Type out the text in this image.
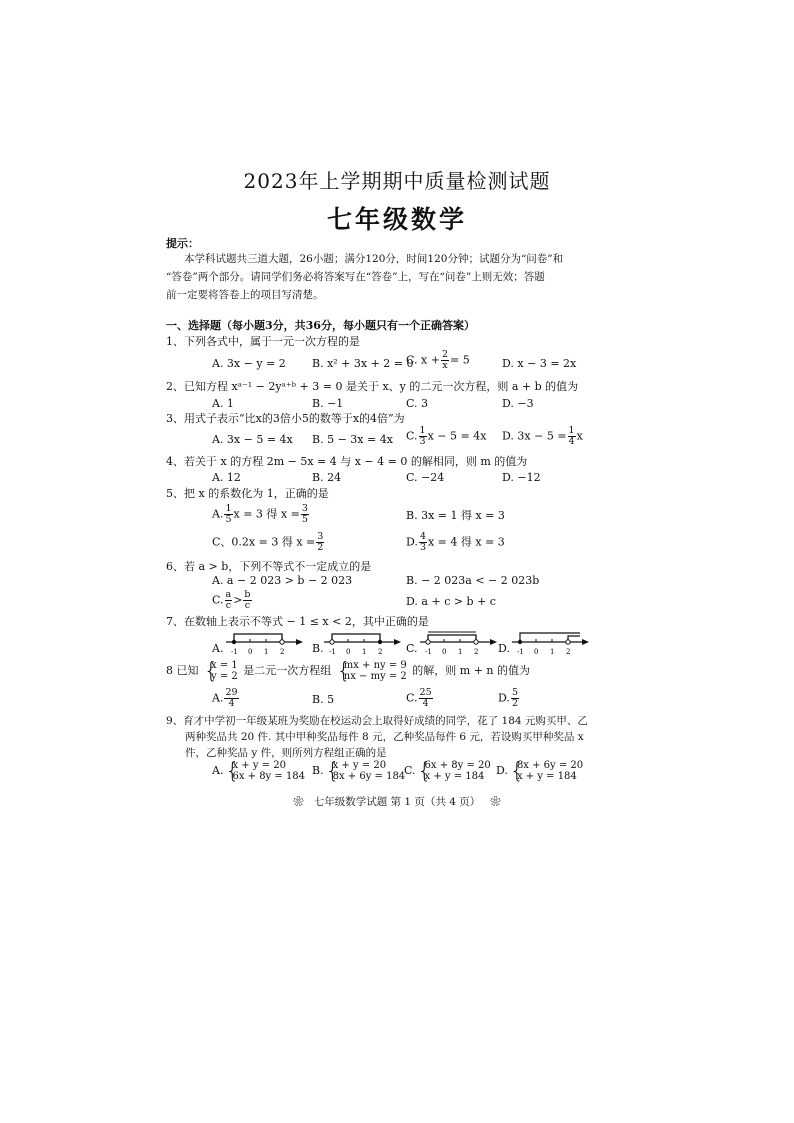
2023年上学期期中质量检测试题
七年级数学
提示：
本学科试题共三道大题，26小题；满分120分，时间120分钟；试题分为“问卷”和
“答卷”两个部分。请同学们务必将答案写在“答卷”上，写在“问卷”上则无效；答题
前一定要将答卷上的项目写清楚。
一、选择题（每小题3分，共36分，每小题只有一个正确答案）
1、下列各式中，属于一元一次方程的是
A. 3x − y = 2 B. x² + 3x + 2 = 0
C. $x + \frac{2}{x} = 5$	D. x − 3 = 2x
2、已知方程 xᵃ⁻¹ − 2yᵃ⁺ᵇ + 3 = 0 是关于 x、y 的二元一次方程，则 a + b 的值为
A. 1	B. −1	C. 3	D. −3
3、用式子表示“比x的3倍小5的数等于x的4倍”为
A. 3x − 5 = 4x B. 5 − 3x = 4x C. $\frac{1}{3}$ x − 5 = 4x D. $3x - 5 = \frac{1}{4}$ x
4、若关于 x 的方程 2m − 5x = 4 与 x − 4 = 0 的解相同，则 m 的值为
A. 12	B. 24	C. −24	D. −12
5、把 x 的系数化为 1，正确的是
A. $\frac{1}{5}$ x = 3 得 $x = \frac{3}{5}$	B. 3x = 1 得 x = 3
C、0.2x = 3 得 $x = \frac{3}{2}$	D. $\frac{4}{3}$ x = 4 得 x = 3
6、若 a > b，下列不等式不一定成立的是
A. a − 2 023 > b − 2 023	B. − 2 023a < − 2 023b
C. $\frac{a}{c} > \frac{b}{c}$	D. a + c > b + c
7、在数轴上表示不等式 − 1 ≤ x < 2，其中正确的是
A. -1 0 1 2	B. -1 0 1 2 C. -1 0 1 2 D. -1 0 1 2
8 已知 {
x = 1
y = 2 是二元一次方程组 {
mx + ny = 9
nx − my = 2 的解，则 m + n 的值为
A. $\frac{29}{4}$	B. 5	C. $\frac{25}{4}$	D. $\frac{5}{2}$
9、育才中学初一年级某班为奖励在校运动会上取得好成绩的同学，花了 184 元购买甲、乙
两种奖品共 20 件. 其中甲种奖品每件 8 元，乙种奖品每件 6 元，若设购买甲种奖品 x
件，乙种奖品 y 件，则所列方程组正确的是
A. {
x + y = 20
6x + 8y = 184 B. {
x + y = 20
8x + 6y = 184
C. {
6x + 8y = 20
x + y = 184	D. {
8x + 6y = 20
x + y = 184
❀ 七年级数学试题 第 1 页（共 4 页） ❀
